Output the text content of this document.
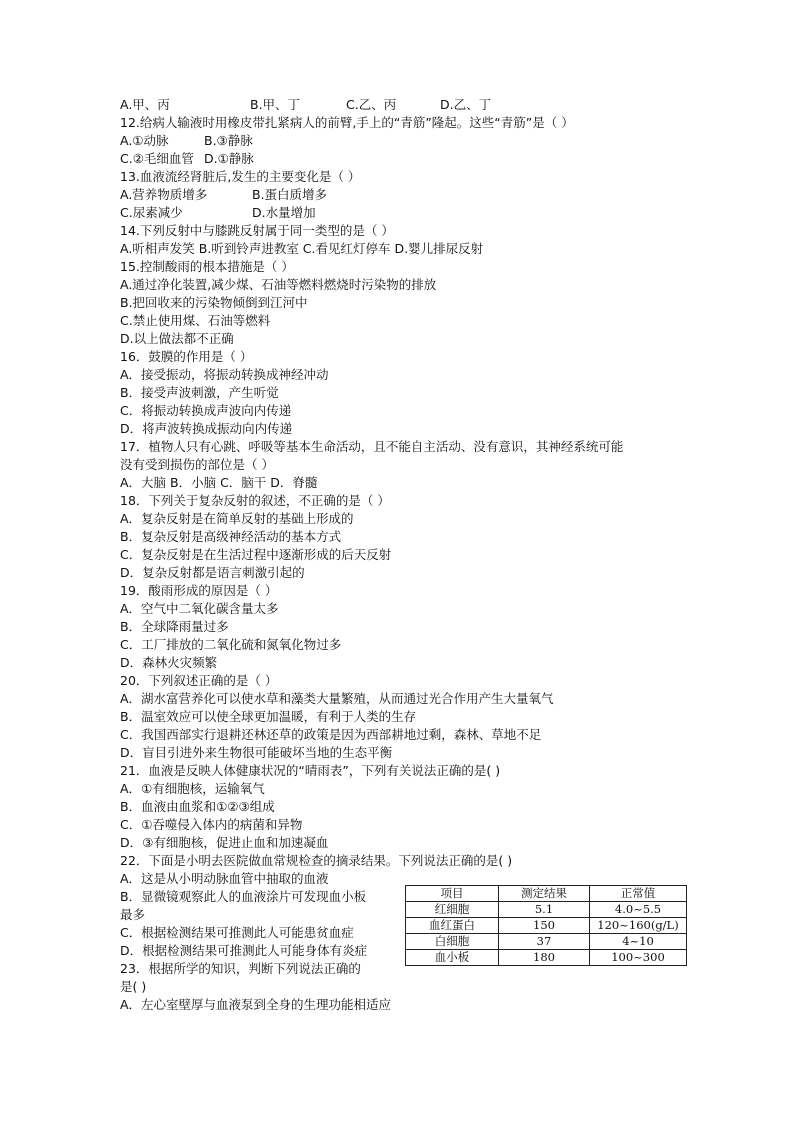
A.甲、丙	B.甲、丁	C.乙、丙	D.乙、丁
12.给病人输液时用橡皮带扎紧病人的前臂,手上的“青筋”隆起。这些“青筋”是（ ）
A.①动脉	B.③静脉
C.②毛细血管 D.①静脉
13.血液流经肾脏后,发生的主要变化是（ ）
A.营养物质增多	B.蛋白质增多
C.尿素减少	D.水量增加
14.下列反射中与膝跳反射属于同一类型的是（ ）
A.听相声发笑 B.听到铃声进教室 C.看见红灯停车 D.婴儿排尿反射
15.控制酸雨的根本措施是（ ）
A.通过净化装置,减少煤、石油等燃料燃烧时污染物的排放
B.把回收来的污染物倾倒到江河中
C.禁止使用煤、石油等燃料
D.以上做法都不正确
16．鼓膜的作用是（ ）
A．接受振动，将振动转换成神经冲动
B．接受声波刺激，产生听觉
C．将振动转换成声波向内传递
D．将声波转换成振动向内传递
17．植物人只有心跳、呼吸等基本生命活动，且不能自主活动、没有意识，其神经系统可能
没有受到损伤的部位是（ ）
A．大脑 B．小脑 C．脑干 D．脊髓
18．下列关于复杂反射的叙述，不正确的是（ ）
A．复杂反射是在简单反射的基础上形成的
B．复杂反射是高级神经活动的基本方式
C．复杂反射是在生活过程中逐渐形成的后天反射
D．复杂反射都是语言刺激引起的
19．酸雨形成的原因是（ ）
A．空气中二氧化碳含量太多
B．全球降雨量过多
C．工厂排放的二氧化硫和氮氧化物过多
D．森林火灾频繁
20．下列叙述正确的是（ ）
A．湖水富营养化可以使水草和藻类大量繁殖，从而通过光合作用产生大量氧气
B．温室效应可以使全球更加温暖，有利于人类的生存
C．我国西部实行退耕还林还草的政策是因为西部耕地过剩，森林、草地不足
D．盲目引进外来生物很可能破坏当地的生态平衡
21．血液是反映人体健康状况的“晴雨表”，下列有关说法正确的是( )
A．①有细胞核，运输氧气
B．血液由血浆和①②③组成
C．①吞噬侵入体内的病菌和异物
D．③有细胞核，促进止血和加速凝血
22．下面是小明去医院做血常规检查的摘录结果。下列说法正确的是( )
A．这是从小明动脉血管中抽取的血液
B．显微镜观察此人的血液涂片可发现血小板
最多
C．根据检测结果可推测此人可能患贫血症
D．根据检测结果可推测此人可能身体有炎症
23．根据所学的知识，判断下列说法正确的
是( )
A．左心室壁厚与血液泵到全身的生理功能相适应
项目	测定结果	正常值
红细胞	5.1	4.0~5.5
血红蛋白	150	120~160(g/L)
白细胞	37	4~10
血小板	180	100~300
